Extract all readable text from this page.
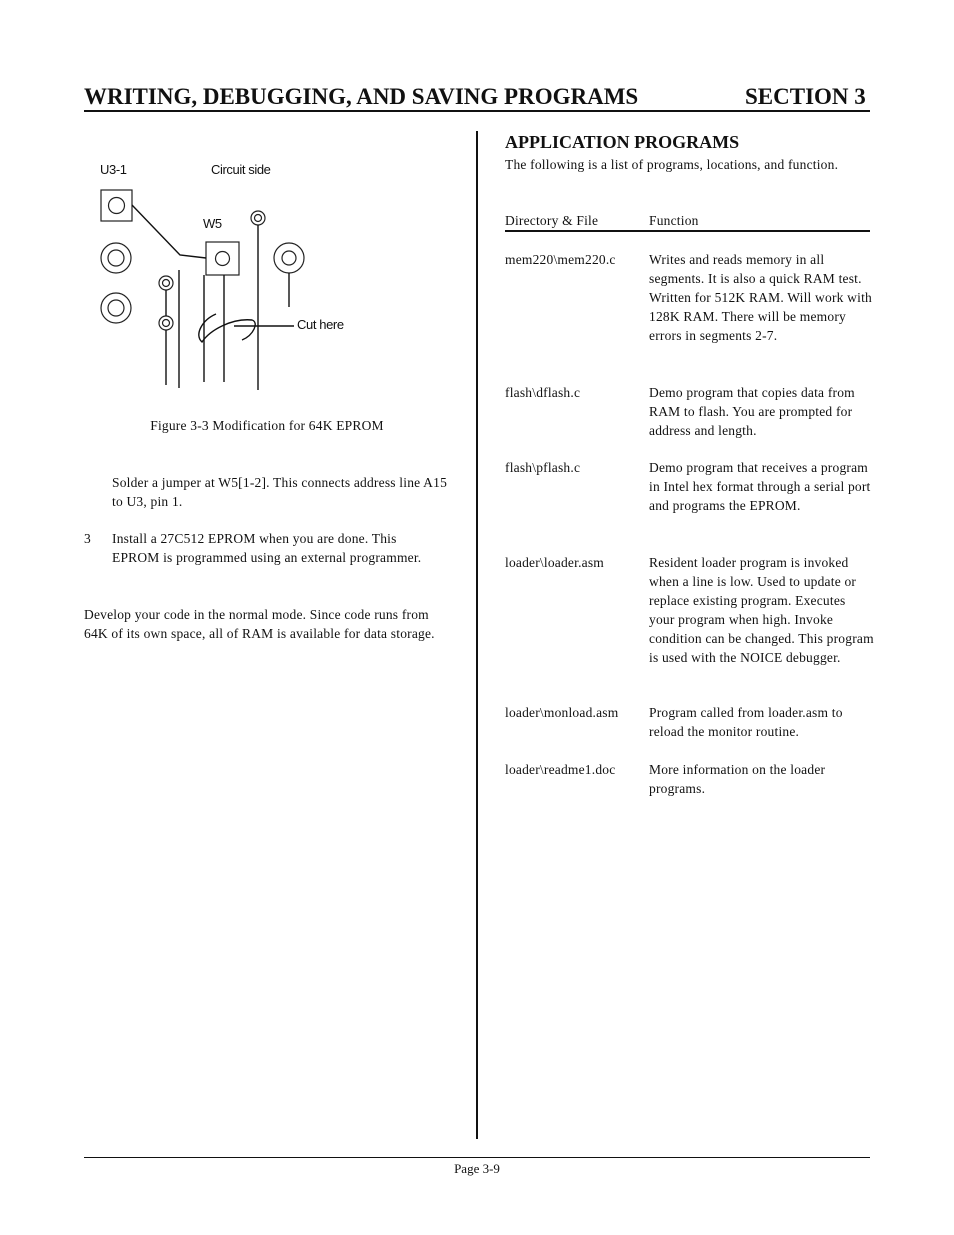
WRITING, DEBUGGING, AND SAVING PROGRAMS	SECTION 3
U3-1	Circuit side
W5
Cut here
Figure 3-3 Modification for 64K EPROM
Solder a jumper at W5[1-2]. This connects address line A15 to U3, pin 1.
3 Install a 27C512 EPROM when you are done. This EPROM is programmed using an external programmer.
Develop your code in the normal mode. Since code runs from 64K of its own space, all of RAM is available for data storage.
APPLICATION PROGRAMS
The following is a list of programs, locations, and function.
Directory & File	Function
mem220\mem220.c	Writes and reads memory in all segments. It is also a quick RAM test. Written for 512K RAM. Will work with 128K RAM. There will be memory errors in segments 2-7.
flash\dflash.c	Demo program that copies data from RAM to flash. You are prompted for address and length.
flash\pflash.c	Demo program that receives a program in Intel hex format through a serial port and programs the EPROM.
loader\loader.asm	Resident loader program is invoked when a line is low. Used to update or replace existing program. Executes your program when high. Invoke condition can be changed. This program is used with the NOICE debugger.
loader\monload.asm	Program called from loader.asm to reload the monitor routine.
loader\readme1.doc	More information on the loader programs.
Page 3-9
